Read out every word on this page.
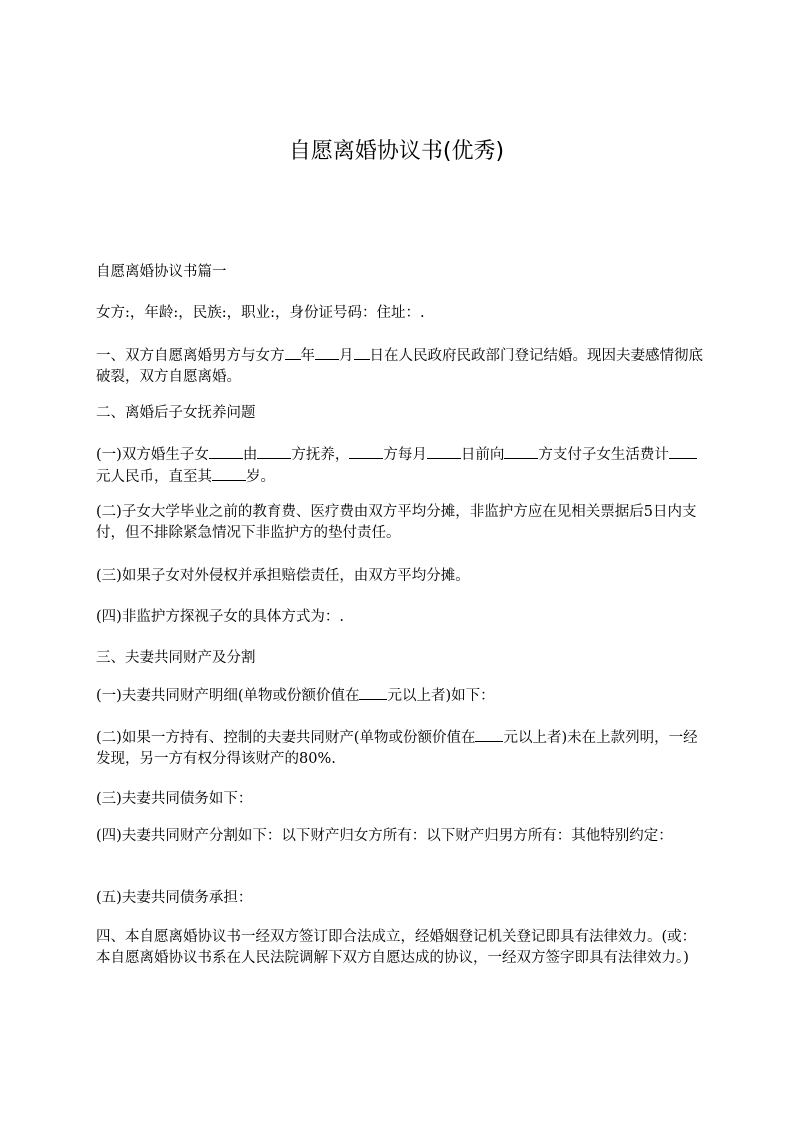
自愿离婚协议书(优秀)

自愿离婚协议书篇一

女方:，年龄:，民族:，职业:，身份证号码：住址：.

一、双方自愿离婚男方与女方 年 月 日在人民政府民政部门登记结婚。现因夫妻感情彻底破裂，双方自愿离婚。

二、离婚后子女抚养问题

(一)双方婚生子女 由 方抚养， 方每月 日前向 方支付子女生活费计元人民币，直至其 岁。

(二)子女大学毕业之前的教育费、医疗费由双方平均分摊，非监护方应在见相关票据后5日内支付，但不排除紧急情况下非监护方的垫付责任。

(三)如果子女对外侵权并承担赔偿责任，由双方平均分摊。

(四)非监护方探视子女的具体方式为：.

三、夫妻共同财产及分割

(一)夫妻共同财产明细(单物或份额价值在 元以上者)如下：

(二)如果一方持有、控制的夫妻共同财产(单物或份额价值在 元以上者)未在上款列明，一经发现，另一方有权分得该财产的80%.

(三)夫妻共同债务如下：

(四)夫妻共同财产分割如下：以下财产归女方所有：以下财产归男方所有：其他特别约定：

(五)夫妻共同债务承担：

四、本自愿离婚协议书一经双方签订即合法成立，经婚姻登记机关登记即具有法律效力。(或：本自愿离婚协议书系在人民法院调解下双方自愿达成的协议，一经双方签字即具有法律效力。)
